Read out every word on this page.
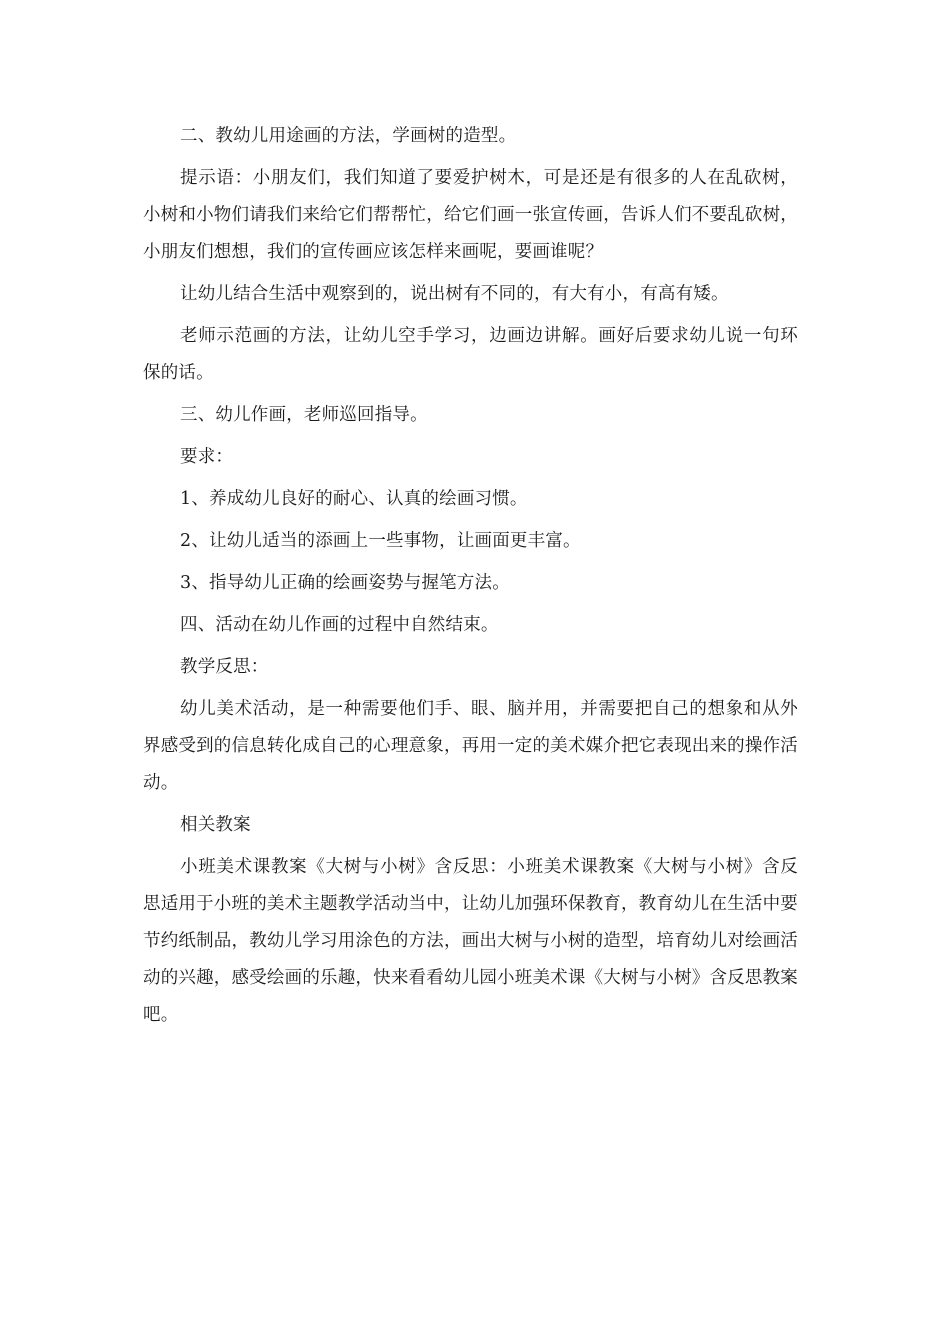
二、教幼儿用途画的方法，学画树的造型。

提示语：小朋友们，我们知道了要爱护树木，可是还是有很多的人在乱砍树，小树和小物们请我们来给它们帮帮忙，给它们画一张宣传画，告诉人们不要乱砍树，小朋友们想想，我们的宣传画应该怎样来画呢，要画谁呢？

让幼儿结合生活中观察到的，说出树有不同的，有大有小，有高有矮。

老师示范画的方法，让幼儿空手学习，边画边讲解。画好后要求幼儿说一句环保的话。

三、幼儿作画，老师巡回指导。

要求：

1、养成幼儿良好的耐心、认真的绘画习惯。

2、让幼儿适当的添画上一些事物，让画面更丰富。

3、指导幼儿正确的绘画姿势与握笔方法。

四、活动在幼儿作画的过程中自然结束。

教学反思：

幼儿美术活动，是一种需要他们手、眼、脑并用，并需要把自己的想象和从外界感受到的信息转化成自己的心理意象，再用一定的美术媒介把它表现出来的操作活动。

相关教案

小班美术课教案《大树与小树》含反思：小班美术课教案《大树与小树》含反思适用于小班的美术主题教学活动当中，让幼儿加强环保教育，教育幼儿在生活中要节约纸制品，教幼儿学习用涂色的方法，画出大树与小树的造型，培育幼儿对绘画活动的兴趣，感受绘画的乐趣，快来看看幼儿园小班美术课《大树与小树》含反思教案吧。
